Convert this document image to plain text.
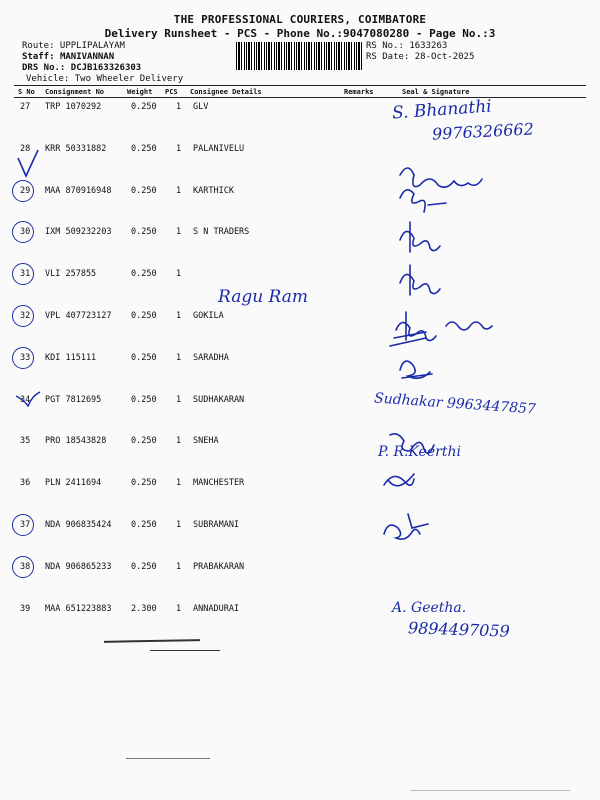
THE PROFESSIONAL COURIERS, COIMBATORE
Delivery Runsheet - PCS - Phone No.:9047080280 - Page No.:3
Route: UPPLIPALAYAM
Staff: MANIVANNAN
DRS No.: DCJB163326303
Vehicle: Two Wheeler Delivery
RS No.: 1633263
RS Date: 28-Oct-2025
S No Consignment No	Weight PCS Consignee Details	Remarks	Seal & Signature
27 TRP 1070292	0.250 1 GLV
28 KRR 50331882	0.250 1 PALANIVELU
29 MAA 870916948 0.250 1 KARTHICK
30 IXM 509232203 0.250 1 S N TRADERS
31 VLI 257855	0.250 1
32 VPL 407723127 0.250 1 GOKILA
33 KDI 115111	0.250 1 SARADHA
34 PGT 7812695	0.250 1 SUDHAKARAN
35 PRO 18543828	0.250 1 SNEHA
36 PLN 2411694	0.250 1 MANCHESTER
37 NDA 906835424 0.250 1 SUBRAMANI
38 NDA 906865233 0.250 1 PRABAKARAN
39 MAA 651223883 2.300 1 ANNADURAI
S. Bhanathi
9976326662
Ragu Ram
Sudhakar 9963447857
P. R.Keerthi
A. Geetha.
9894497059
